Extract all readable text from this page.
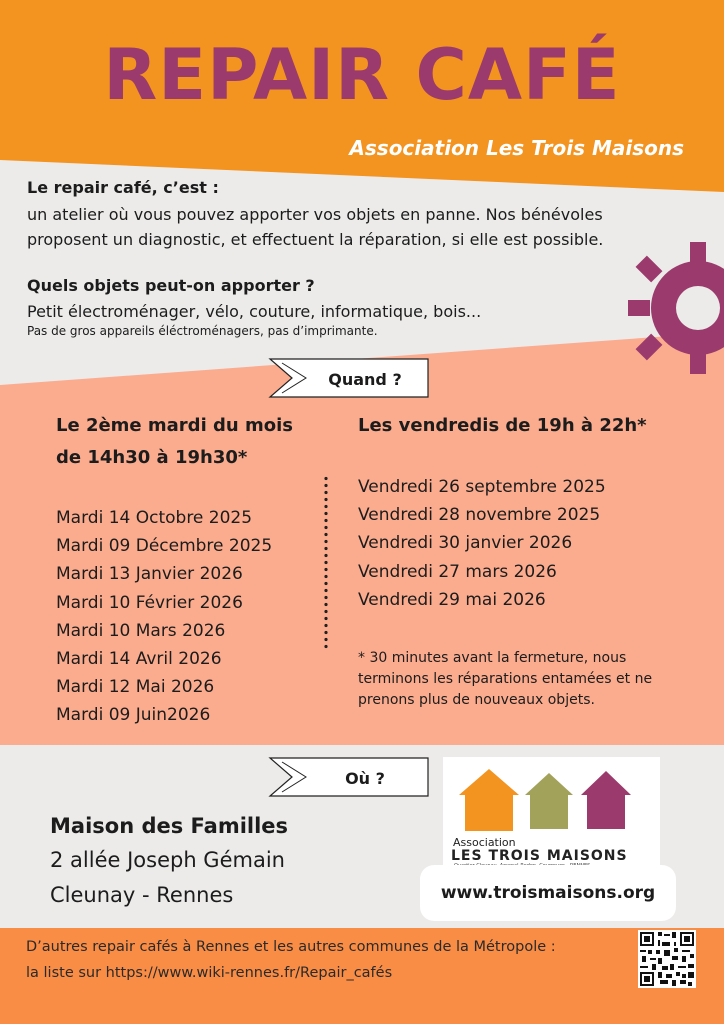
REPAIR CAFÉ
Association Les Trois Maisons
Le repair café, c’est :
un atelier où vous pouvez apporter vos objets en panne. Nos bénévoles
proposent un diagnostic, et effectuent la réparation, si elle est possible.
Quels objets peut-on apporter ?
Petit électroménager, vélo, couture, informatique, bois...
Pas de gros appareils éléctroménagers, pas d’imprimante.
Quand ?
Le 2ème mardi du mois
de 14h30 à 19h30*
Mardi 14 Octobre 2025
Mardi 09 Décembre 2025
Mardi 13 Janvier 2026
Mardi 10 Février 2026
Mardi 10 Mars 2026
Mardi 14 Avril 2026
Mardi 12 Mai 2026
Mardi 09 Juin2026
Les vendredis de 19h à 22h*
Vendredi 26 septembre 2025
Vendredi 28 novembre 2025
Vendredi 30 janvier 2026
Vendredi 27 mars 2026
Vendredi 29 mai 2026
* 30 minutes avant la fermeture, nous
terminons les réparations entamées et ne
prenons plus de nouveaux objets.
Où ?
Maison des Familles
2 allée Joseph Gémain
Cleunay - Rennes
Association
LES TROIS MAISONS
www.troismaisons.org
D’autres repair cafés à Rennes et les autres communes de la Métropole :
la liste sur https://www.wiki-rennes.fr/Repair_cafés
